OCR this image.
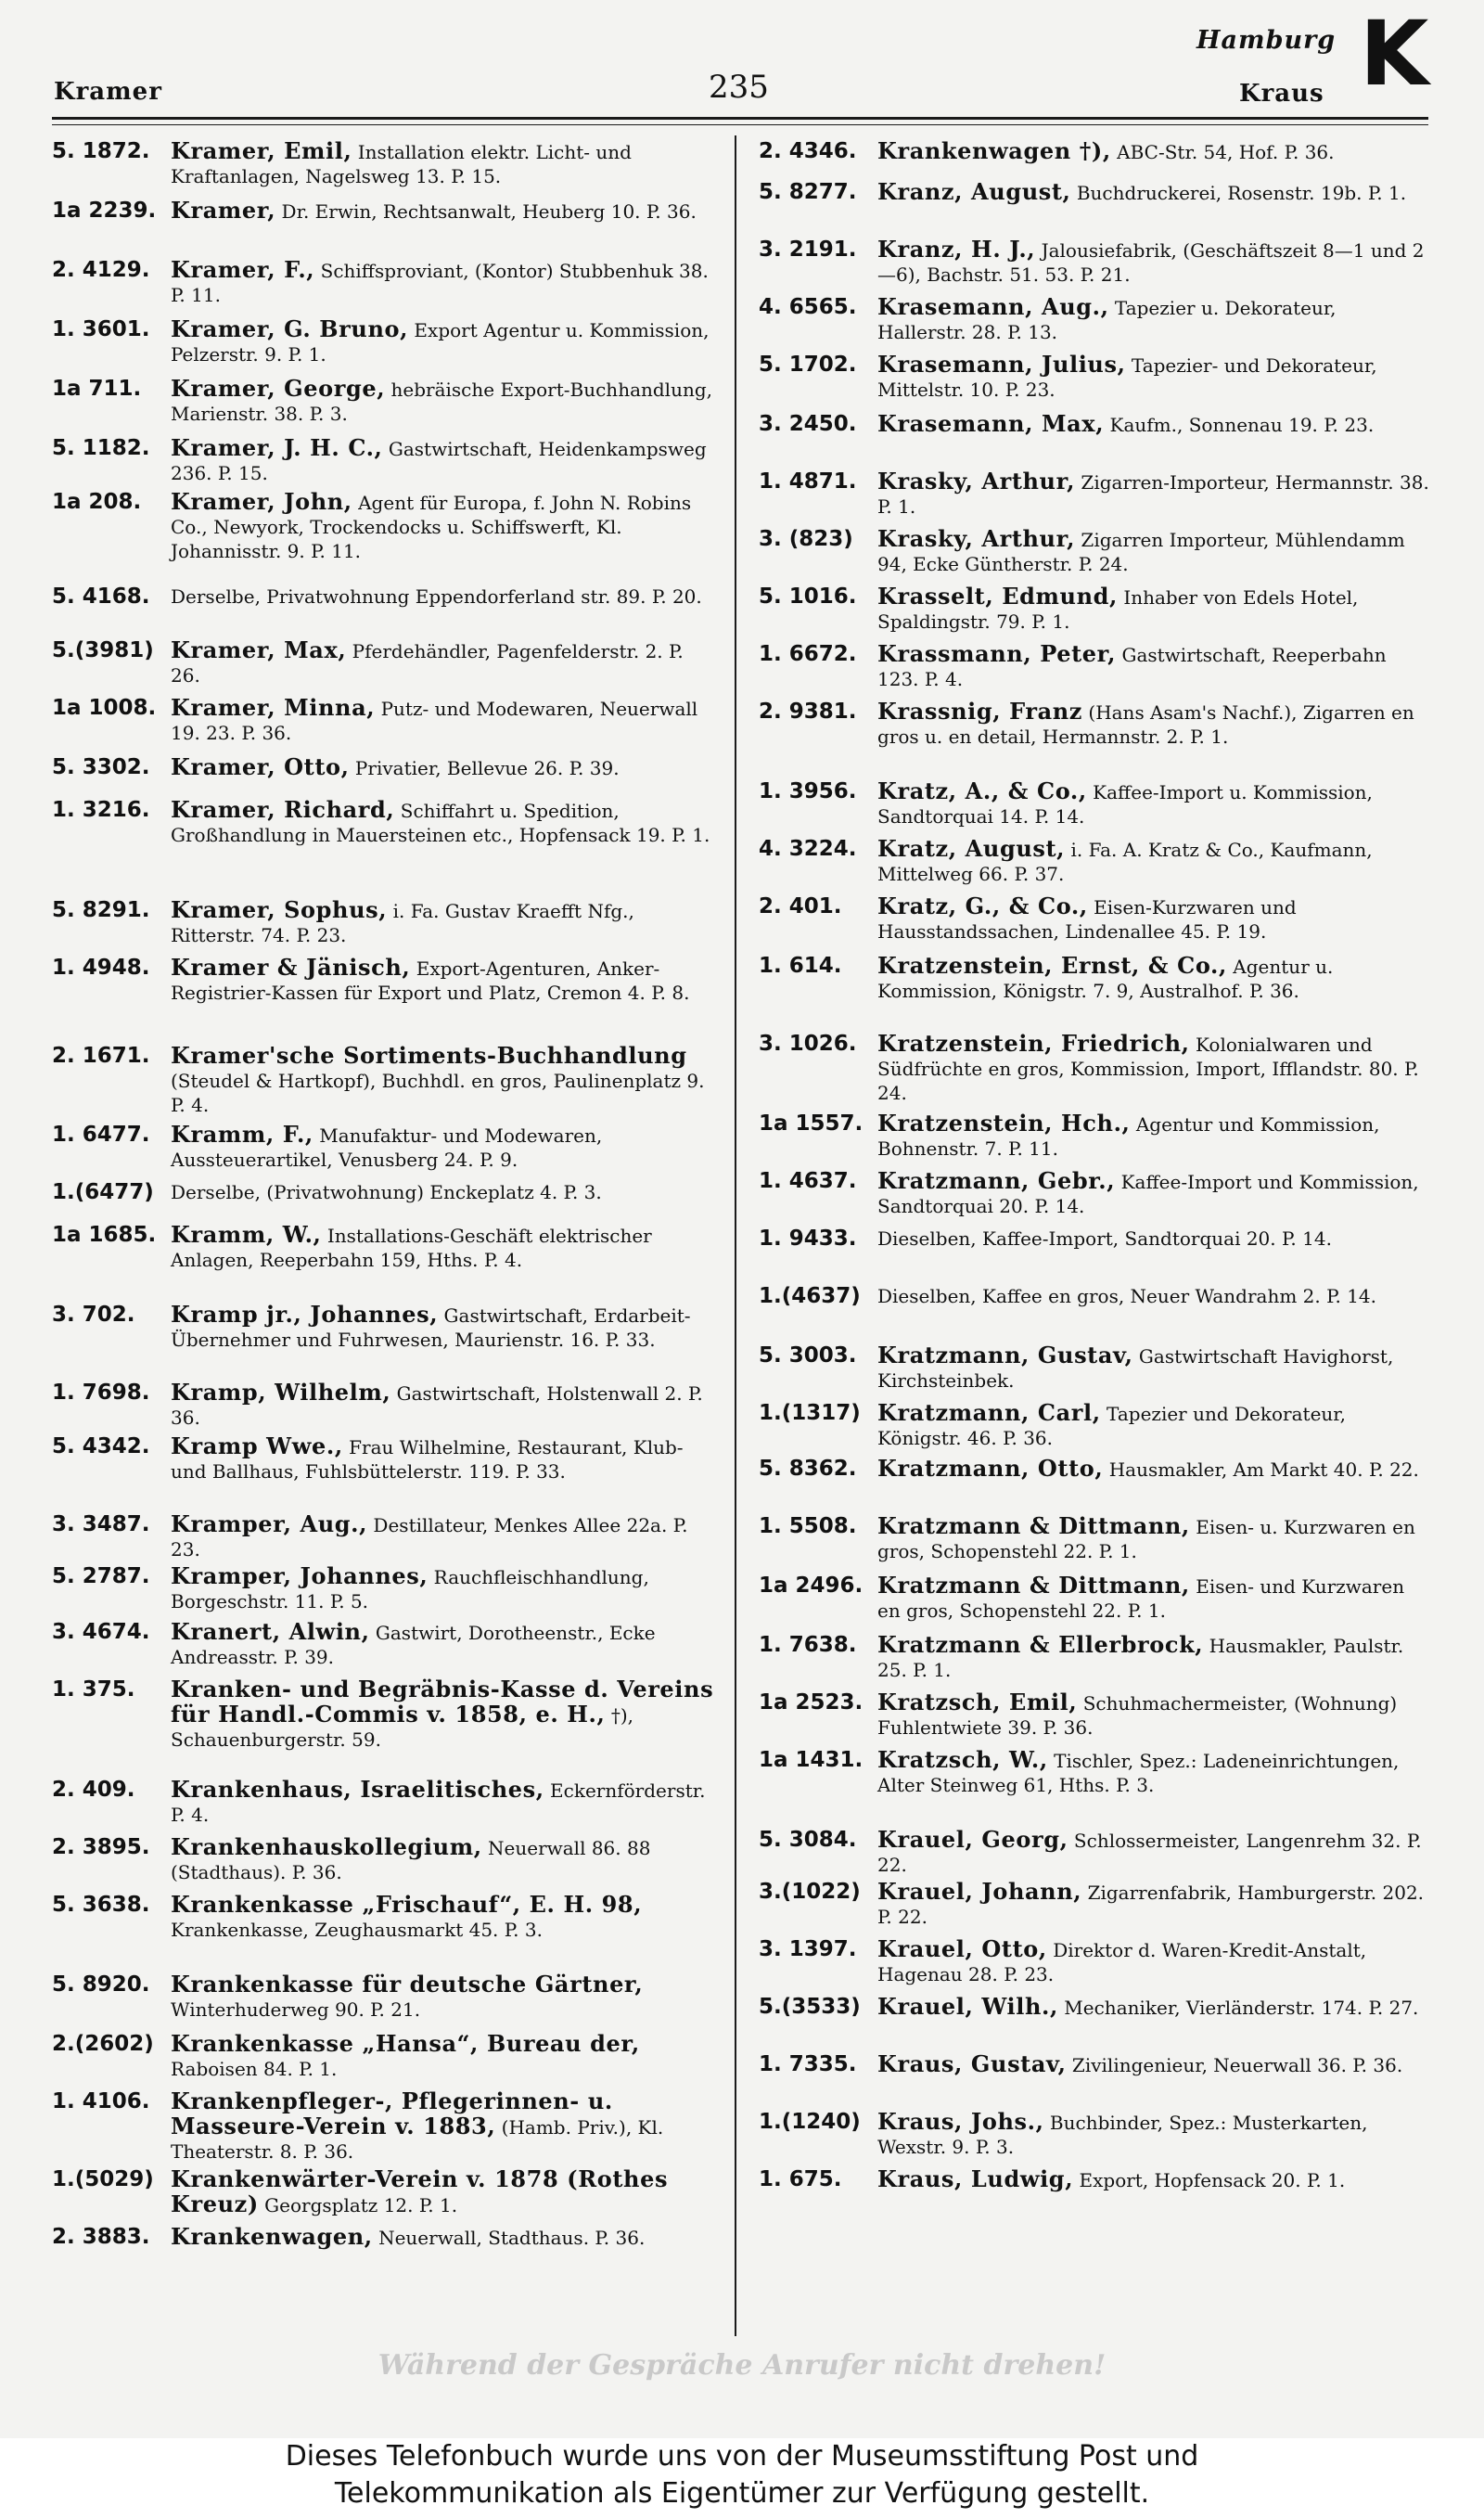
Kramer	235
Hamburg
Kraus K
5. 1872. Kramer, Emil, Installation elektr. Licht- und Kraftanlagen, Nagelsweg 13. P. 15.
1a 2239. Kramer, Dr. Erwin, Rechtsanwalt, Heuberg 10. P. 36.
2. 4129. Kramer, F., Schiffsproviant, (Kontor) Stubbenhuk 38. P. 11.
1. 3601. Kramer, G. Bruno, Export Agentur u. Kommission, Pelzerstr. 9. P. 1.
1a 711.	Kramer, George, hebräische Export-Buchhandlung, Marienstr. 38. P. 3.
5. 1182. Kramer, J. H. C., Gastwirtschaft, Heidenkampsweg 236. P. 15.
1a 208.	Kramer, John, Agent für Europa, f. John N. Robins Co., Newyork, Trockendocks u. Schiffswerft, Kl. Johannisstr. 9. P. 11.
5. 4168.	Derselbe, Privatwohnung Eppendorferland str. 89. P. 20.
5.(3981) Kramer, Max, Pferdehändler, Pagenfelderstr. 2. P. 26.
1a 1008. Kramer, Minna, Putz- und Modewaren, Neuerwall 19. 23. P. 36.
5. 3302. Kramer, Otto, Privatier, Bellevue 26. P. 39.
1. 3216. Kramer, Richard, Schiffahrt u. Spedition, Großhandlung in Mauersteinen etc., Hopfensack 19. P. 1.
5. 8291. Kramer, Sophus, i. Fa. Gustav Kraefft Nfg., Ritterstr. 74. P. 23.
1. 4948. Kramer & Jänisch, Export-Agenturen, Anker-Registrier-Kassen für Export und Platz, Cremon 4. P. 8.
2. 1671. Kramer'sche Sortiments-Buchhandlung (Steudel & Hartkopf), Buchhdl. en gros, Paulinenplatz 9. P. 4.
1. 6477. Kramm, F., Manufaktur- und Modewaren, Aussteuerartikel, Venusberg 24. P. 9.
1.(6477) Derselbe, (Privatwohnung) Enckeplatz 4. P. 3.
1a 1685. Kramm, W., Installations-Geschäft elektrischer Anlagen, Reeperbahn 159, Hths. P. 4.
3. 702.	Kramp jr., Johannes, Gastwirtschaft, Erdarbeit-Übernehmer und Fuhrwesen, Maurienstr. 16. P. 33.
1. 7698. Kramp, Wilhelm, Gastwirtschaft, Holstenwall 2. P. 36.
5. 4342. Kramp Wwe., Frau Wilhelmine, Restaurant, Klub- und Ballhaus, Fuhlsbüttelerstr. 119. P. 33.
3. 3487. Kramper, Aug., Destillateur, Menkes Allee 22a. P. 23.
5. 2787. Kramper, Johannes, Rauchfleischhandlung, Borgeschstr. 11. P. 5.
3. 4674. Kranert, Alwin, Gastwirt, Dorotheenstr., Ecke Andreasstr. P. 39.
1. 375.	Kranken- und Begräbnis-Kasse d. Vereins für Handl.-Commis v. 1858, e. H., †), Schauenburgerstr. 59.
2. 409.	Krankenhaus, Israelitisches, Eckernförderstr. P. 4.
2. 3895. Krankenhauskollegium, Neuerwall 86. 88 (Stadthaus). P. 36.
5. 3638. Krankenkasse „Frischauf“, E. H. 98, Krankenkasse, Zeughausmarkt 45. P. 3.
5. 8920. Krankenkasse für deutsche Gärtner, Winterhuderweg 90. P. 21.
2.(2602) Krankenkasse „Hansa“, Bureau der, Raboisen 84. P. 1.
1. 4106. Krankenpfleger-, Pflegerinnen- u. Masseure-Verein v. 1883, (Hamb. Priv.), Kl. Theaterstr. 8. P. 36.
1.(5029) Krankenwärter-Verein v. 1878 (Rothes Kreuz) Georgsplatz 12. P. 1.
2. 3883. Krankenwagen, Neuerwall, Stadthaus. P. 36.
2. 4346. Krankenwagen †), ABC-Str. 54, Hof. P. 36.
5. 8277. Kranz, August, Buchdruckerei, Rosenstr. 19b. P. 1.
3. 2191. Kranz, H. J., Jalousiefabrik, (Geschäftszeit 8—1 und 2—6), Bachstr. 51. 53. P. 21.
4. 6565. Krasemann, Aug., Tapezier u. Dekorateur, Hallerstr. 28. P. 13.
5. 1702. Krasemann, Julius, Tapezier- und Dekorateur, Mittelstr. 10. P. 23.
3. 2450. Krasemann, Max, Kaufm., Sonnenau 19. P. 23.
1. 4871. Krasky, Arthur, Zigarren-Importeur, Hermannstr. 38. P. 1.
3. (823)	Krasky, Arthur, Zigarren Importeur, Mühlendamm 94, Ecke Güntherstr. P. 24.
5. 1016. Krasselt, Edmund, Inhaber von Edels Hotel, Spaldingstr. 79. P. 1.
1. 6672. Krassmann, Peter, Gastwirtschaft, Reeperbahn 123. P. 4.
2. 9381. Krassnig, Franz (Hans Asam's Nachf.), Zigarren en gros u. en detail, Hermannstr. 2. P. 1.
1. 3956. Kratz, A., & Co., Kaffee-Import u. Kommission, Sandtorquai 14. P. 14.
4. 3224. Kratz, August, i. Fa. A. Kratz & Co., Kaufmann, Mittelweg 66. P. 37.
2. 401.	Kratz, G., & Co., Eisen-Kurzwaren und Hausstandssachen, Lindenallee 45. P. 19.
1. 614.	Kratzenstein, Ernst, & Co., Agentur u. Kommission, Königstr. 7. 9, Australhof. P. 36.
3. 1026. Kratzenstein, Friedrich, Kolonialwaren und Südfrüchte en gros, Kommission, Import, Ifflandstr. 80. P. 24.
1a 1557. Kratzenstein, Hch., Agentur und Kommission, Bohnenstr. 7. P. 11.
1. 4637. Kratzmann, Gebr., Kaffee-Import und Kommission, Sandtorquai 20. P. 14.
1. 9433.	Dieselben, Kaffee-Import, Sandtorquai 20. P. 14.
1.(4637) Dieselben, Kaffee en gros, Neuer Wandrahm 2. P. 14.
5. 3003. Kratzmann, Gustav, Gastwirtschaft Havighorst, Kirchsteinbek.
1.(1317) Kratzmann, Carl, Tapezier und Dekorateur, Königstr. 46. P. 36.
5. 8362. Kratzmann, Otto, Hausmakler, Am Markt 40. P. 22.
1. 5508. Kratzmann & Dittmann, Eisen- u. Kurzwaren en gros, Schopenstehl 22. P. 1.
1a 2496. Kratzmann & Dittmann, Eisen- und Kurzwaren en gros, Schopenstehl 22. P. 1.
1. 7638. Kratzmann & Ellerbrock, Hausmakler, Paulstr. 25. P. 1.
1a 2523. Kratzsch, Emil, Schuhmachermeister, (Wohnung) Fuhlentwiete 39. P. 36.
1a 1431. Kratzsch, W., Tischler, Spez.: Ladeneinrichtungen, Alter Steinweg 61, Hths. P. 3.
5. 3084. Krauel, Georg, Schlossermeister, Langenrehm 32. P. 22.
3.(1022) Krauel, Johann, Zigarrenfabrik, Hamburgerstr. 202. P. 22.
3. 1397. Krauel, Otto, Direktor d. Waren-Kredit-Anstalt, Hagenau 28. P. 23.
5.(3533) Krauel, Wilh., Mechaniker, Vierländerstr. 174. P. 27.
1. 7335. Kraus, Gustav, Zivilingenieur, Neuerwall 36. P. 36.
1.(1240) Kraus, Johs., Buchbinder, Spez.: Musterkarten, Wexstr. 9. P. 3.
1. 675.	Kraus, Ludwig, Export, Hopfensack 20. P. 1.
Während der Gespräche Anrufer nicht drehen!
Dieses Telefonbuch wurde uns von der Museumsstiftung Post und
Telekommunikation als Eigentümer zur Verfügung gestellt.
